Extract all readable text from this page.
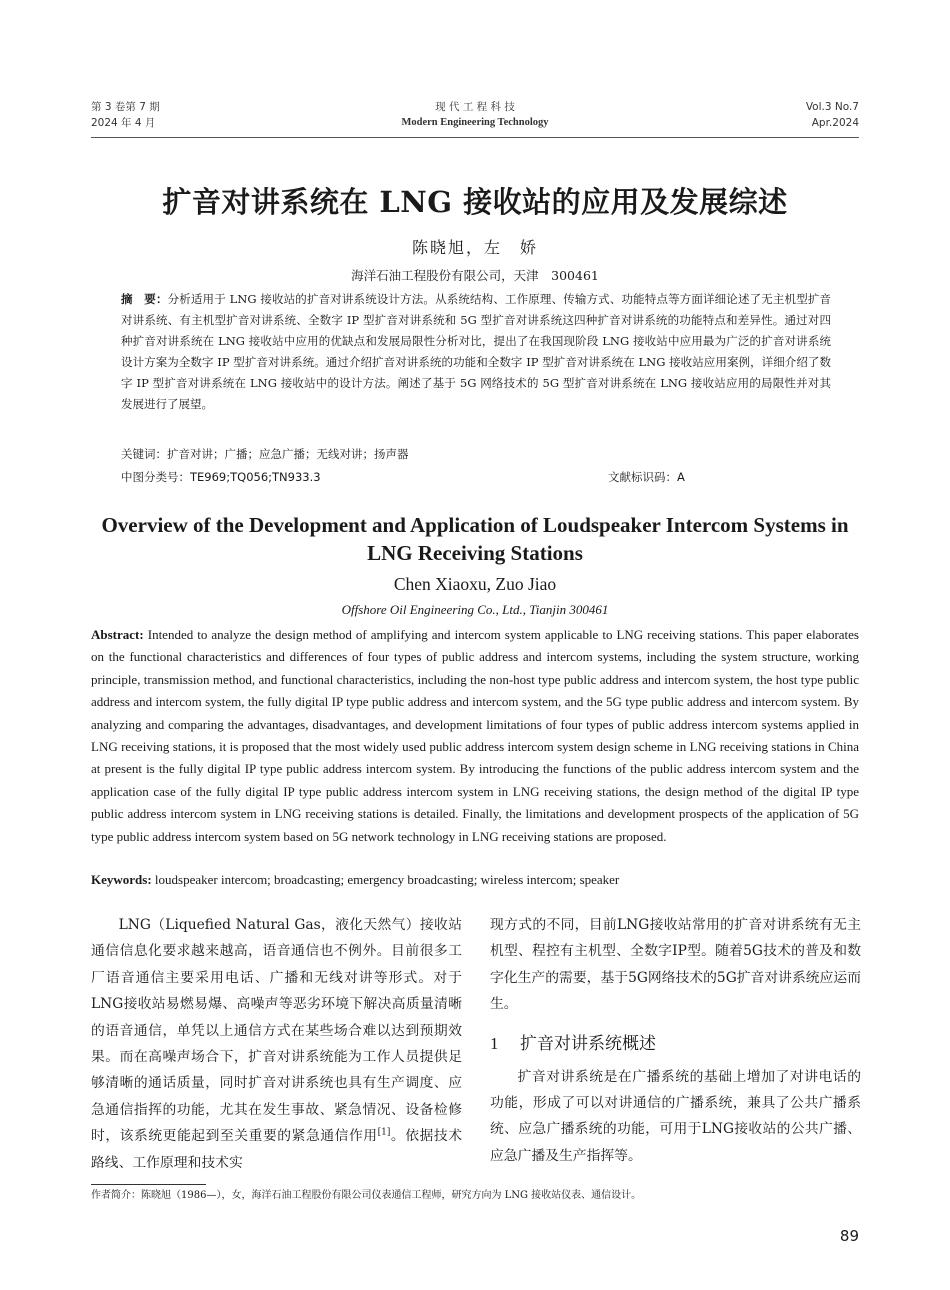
第 3 卷第 7 期
2024 年 4 月
现 代 工 程 科 技
Modern Engineering Technology
Vol.3 No.7
Apr.2024
扩音对讲系统在 LNG 接收站的应用及发展综述
陈晓旭，左　娇
海洋石油工程股份有限公司，天津　300461
摘　要：分析适用于 LNG 接收站的扩音对讲系统设计方法。从系统结构、工作原理、传输方式、功能特点等方面详细论述了无主机型扩音对讲系统、有主机型扩音对讲系统、全数字 IP 型扩音对讲系统和 5G 型扩音对讲系统这四种扩音对讲系统的功能特点和差异性。通过对四种扩音对讲系统在 LNG 接收站中应用的优缺点和发展局限性分析对比，提出了在我国现阶段 LNG 接收站中应用最为广泛的扩音对讲系统设计方案为全数字 IP 型扩音对讲系统。通过介绍扩音对讲系统的功能和全数字 IP 型扩音对讲系统在 LNG 接收站应用案例，详细介绍了数字 IP 型扩音对讲系统在 LNG 接收站中的设计方法。阐述了基于 5G 网络技术的 5G 型扩音对讲系统在 LNG 接收站应用的局限性并对其发展进行了展望。
关键词：扩音对讲；广播；应急广播；无线对讲；扬声器
中图分类号：TE969;TQ056;TN933.3	文献标识码：A
Overview of the Development and Application of Loudspeaker Intercom Systems in LNG Receiving Stations
Chen Xiaoxu, Zuo Jiao
Offshore Oil Engineering Co., Ltd., Tianjin 300461
Abstract: Intended to analyze the design method of amplifying and intercom system applicable to LNG receiving stations. This paper elaborates on the functional characteristics and differences of four types of public address and intercom systems, including the system structure, working principle, transmission method, and functional characteristics, including the non-host type public address and intercom system, the host type public address and intercom system, the fully digital IP type public address and intercom system, and the 5G type public address and intercom system. By analyzing and comparing the advantages, disadvantages, and development limitations of four types of public address intercom systems applied in LNG receiving stations, it is proposed that the most widely used public address intercom system design scheme in LNG receiving stations in China at present is the fully digital IP type public address intercom system. By introducing the functions of the public address intercom system and the application case of the fully digital IP type public address intercom system in LNG receiving stations, the design method of the digital IP type public address intercom system in LNG receiving stations is detailed. Finally, the limitations and development prospects of the application of 5G type public address intercom system based on 5G network technology in LNG receiving stations are proposed.
Keywords: loudspeaker intercom; broadcasting; emergency broadcasting; wireless intercom; speaker

LNG（Liquefied Natural Gas，液化天然气）接收站通信信息化要求越来越高，语音通信也不例外。目前很多工厂语音通信主要采用电话、广播和无线对讲等形式。对于LNG接收站易燃易爆、高噪声等恶劣环境下解决高质量清晰的语音通信，单凭以上通信方式在某些场合难以达到预期效果。而在高噪声场合下，扩音对讲系统能为工作人员提供足够清晰的通话质量，同时扩音对讲系统也具有生产调度、应急通信指挥的功能，尤其在发生事故、紧急情况、设备检修时，该系统更能起到至关重要的紧急通信作用[1]。依据技术路线、工作原理和技术实

现方式的不同，目前LNG接收站常用的扩音对讲系统有无主机型、程控有主机型、全数字IP型。随着5G技术的普及和数字化生产的需要，基于5G网络技术的5G扩音对讲系统应运而生。

1 扩音对讲系统概述

扩音对讲系统是在广播系统的基础上增加了对讲电话的功能，形成了可以对讲通信的广播系统，兼具了公共广播系统、应急广播系统的功能，可用于LNG接收站的公共广播、应急广播及生产指挥等。

作者简介：陈晓旭（1986—），女，海洋石油工程股份有限公司仪表通信工程师，研究方向为 LNG 接收站仪表、通信设计。
89
